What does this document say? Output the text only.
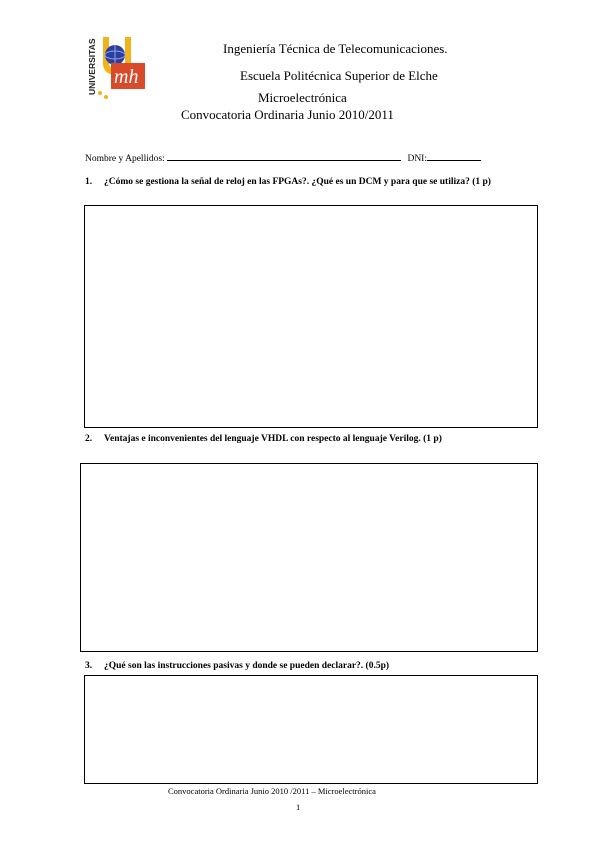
UNIVERSITAS mh
Ingeniería Técnica de Telecomunicaciones.
Escuela Politécnica Superior de Elche
Microelectrónica
Convocatoria Ordinaria Junio 2010/2011
Nombre y Apellidos:	DNI:
1. ¿Cómo se gestiona la señal de reloj en las FPGAs?. ¿Qué es un DCM y para que se utiliza? (1 p)
2. Ventajas e inconvenientes del lenguaje VHDL con respecto al lenguaje Verilog. (1 p)
3. ¿Qué son las instrucciones pasivas y donde se pueden declarar?. (0.5p)
Convocatoria Ordinaria Junio 2010 /2011 – Microelectrónica
1
